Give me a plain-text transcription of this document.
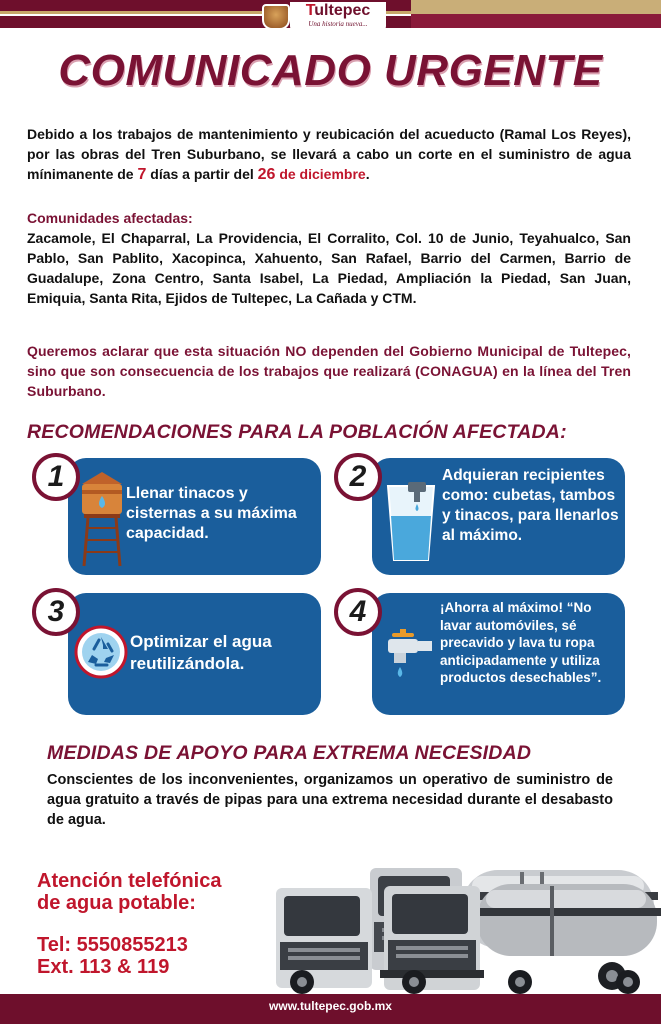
Tultepec
Una historia nueva...
COMUNICADO URGENTE
Debido a los trabajos de mantenimiento y reubicación del acueducto (Ramal Los Reyes), por las obras del Tren Suburbano, se llevará a cabo un corte en el suministro de agua mínimanente de 7 días a partir del 26 de diciembre.
Comunidades afectadas:
Zacamole, El Chaparral, La Providencia, El Corralito, Col. 10 de Junio, Teyahualco, San Pablo, San Pablito, Xacopinca, Xahuento, San Rafael, Barrio del Carmen, Barrio de Guadalupe, Zona Centro, Santa Isabel, La Piedad, Ampliación la Piedad, San Juan, Emiquia, Santa Rita, Ejidos de Tultepec, La Cañada y CTM.
Queremos aclarar que esta situación NO dependen del Gobierno Municipal de Tultepec, sino que son consecuencia de los trabajos que realizará (CONAGUA) en la línea del Tren Suburbano.
RECOMENDACIONES PARA LA POBLACIÓN AFECTADA:
Llenar tinacos y cisternas a su máxima capacidad.
Adquieran recipientes como: cubetas, tambos y tinacos, para llenarlos al máximo.
Optimizar el agua reutilizándola.
¡Ahorra al máximo! “No lavar automóviles, sé precavido y lava tu ropa anticipadamente y utiliza productos desechables”.
1	2
3	4
MEDIDAS DE APOYO PARA EXTREMA NECESIDAD
Conscientes de los inconvenientes, organizamos un operativo de suministro de agua gratuito a través de pipas para una extrema necesidad durante el desabasto de agua.
Atención telefónica
de agua potable:
Tel: 5550855213
Ext. 113 & 119
www.tultepec.gob.mx
